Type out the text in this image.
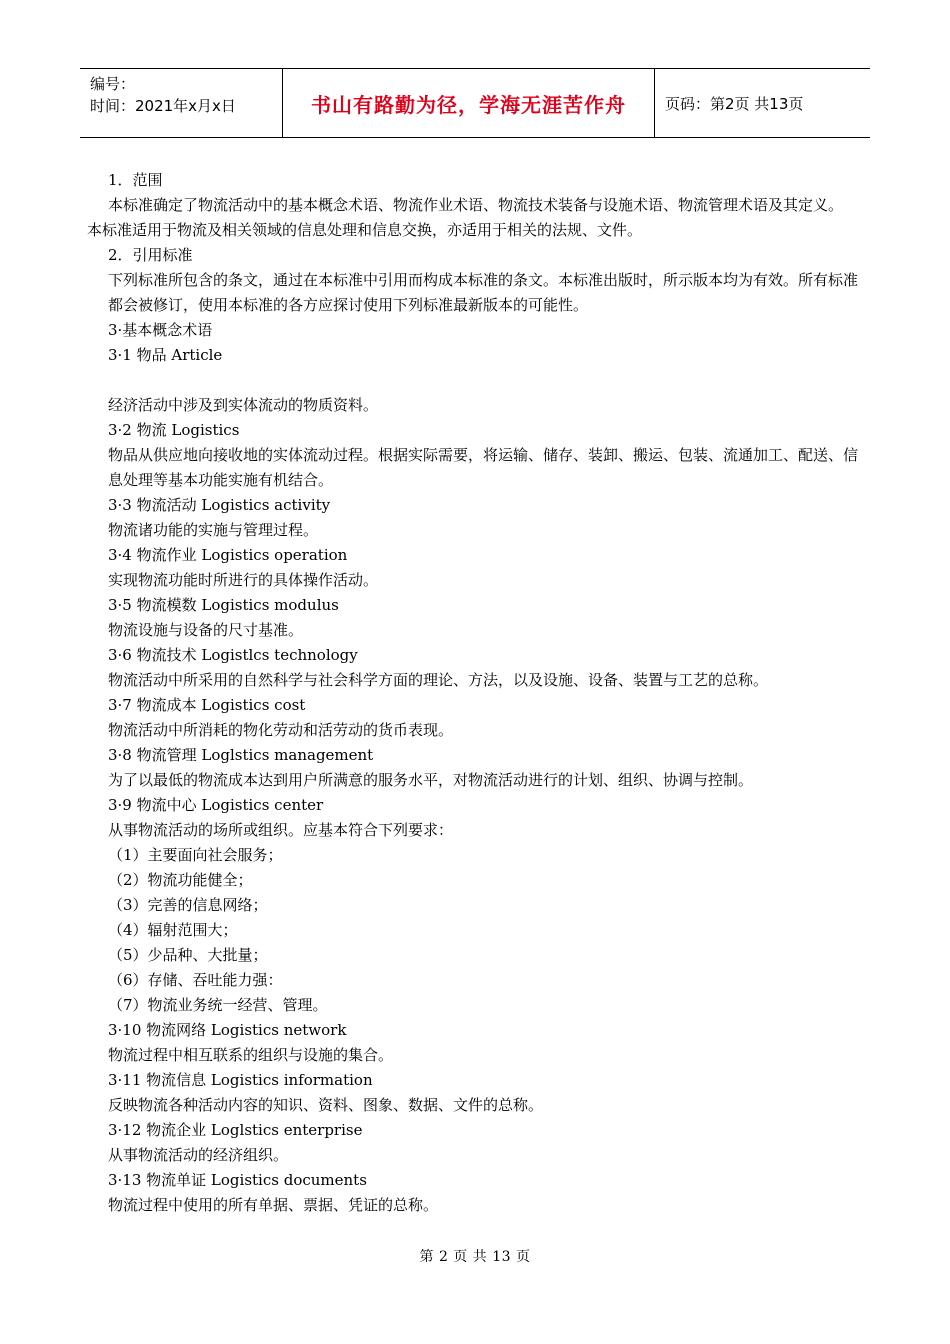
编号：
时间：2021年x月x日	书山有路勤为径，学海无涯苦作舟	页码：第2页 共13页

1．范围

本标准确定了物流活动中的基本概念术语、物流作业术语、物流技术装备与设施术语、物流管理术语及其定义。

本标准适用于物流及相关领域的信息处理和信息交换，亦适用于相关的法规、文件。

2．引用标准

下列标准所包含的条文，通过在本标准中引用而构成本标准的条文。本标准出版时，所示版本均为有效。所有标准都会被修订，使用本标准的各方应探讨使用下列标准最新版本的可能性。

3·基本概念术语

3·1 物品 Article

经济活动中涉及到实体流动的物质资料。

3·2 物流 Logistics

物品从供应地向接收地的实体流动过程。根据实际需要，将运输、储存、装卸、搬运、包装、流通加工、配送、信息处理等基本功能实施有机结合。

3·3 物流活动 Logistics activity

物流诸功能的实施与管理过程。

3·4 物流作业 Logistics operation

实现物流功能时所进行的具体操作活动。

3·5 物流模数 Logistics modulus

物流设施与设备的尺寸基准。

3·6 物流技术 Logistlcs technology

物流活动中所采用的自然科学与社会科学方面的理论、方法，以及设施、设备、装置与工艺的总称。

3·7 物流成本 Logistics cost

物流活动中所消耗的物化劳动和活劳动的货币表现。

3·8 物流管理 Loglstics management

为了以最低的物流成本达到用户所满意的服务水平，对物流活动进行的计划、组织、协调与控制。

3·9 物流中心 Logistics center

从事物流活动的场所或组织。应基本符合下列要求：

（1）主要面向社会服务；

（2）物流功能健全；

（3）完善的信息网络；

（4）辐射范围大；

（5）少品种、大批量；

（6）存储、吞吐能力强：

（7）物流业务统一经营、管理。

3·10 物流网络 Logistics network

物流过程中相互联系的组织与设施的集合。

3·11 物流信息 Logistics information

反映物流各种活动内容的知识、资料、图象、数据、文件的总称。

3·12 物流企业 Loglstics enterprise

从事物流活动的经济组织。

3·13 物流单证 Logistics documents

物流过程中使用的所有单据、票据、凭证的总称。

第 2 页 共 13 页
